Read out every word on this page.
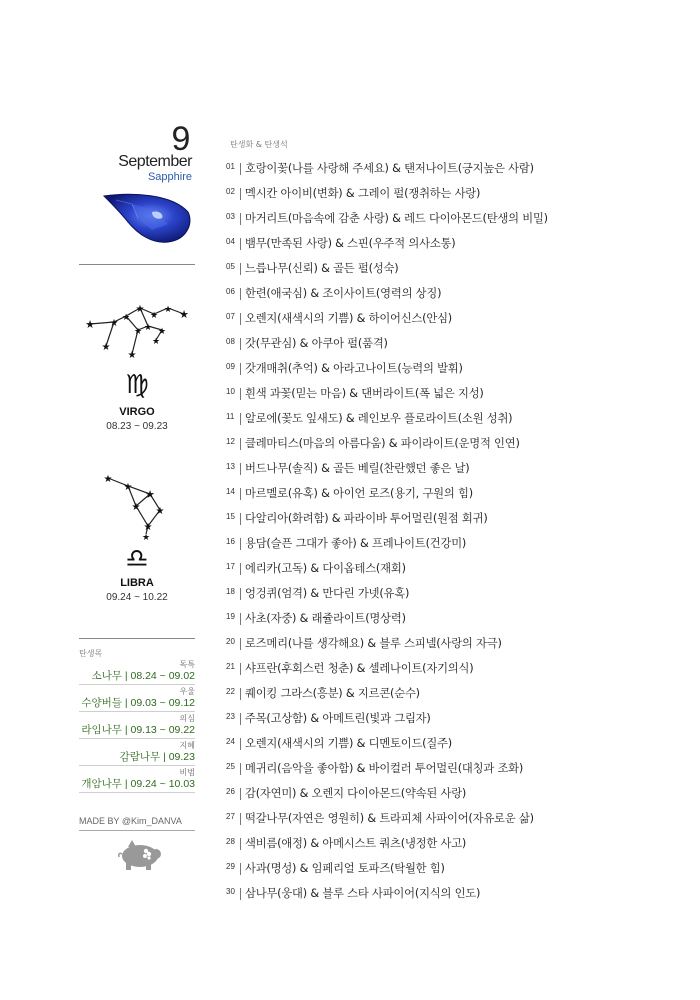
9
September
Sapphire
★ ★ ★
★
★
★ ★
★
★
★
★ ★
★
♍
VIRGO
08.23 ~ 09.23
★
★
★
★
★
★
★
♎
LIBRA
09.24 ~ 10.22
탄생목
독특
소나무 | 08.24 ~ 09.02
우울
수양버들 | 09.03 ~ 09.12
의심
라임나무 | 09.13 ~ 09.22
지혜
감람나무 | 09.23
비범
개암나무 | 09.24 ~ 10.03
MADE BY @Kim_DANVA
탄생화 & 탄생석
01 호랑이꽃(나를 사랑해 주세요) & 탠저나이트(긍지높은 사람)
02 멕시칸 아이비(변화) & 그레이 펄(쟁취하는 사랑)
03 마거리트(마음속에 감춘 사랑) & 레드 다이아몬드(탄생의 비밀)
04 뱀무(만족된 사랑) & 스핀(우주적 의사소통)
05 느릅나무(신뢰) & 골든 펄(성숙)
06 한련(애국심) & 조이사이트(영력의 상징)
07 오렌지(새색시의 기쁨) & 하이어신스(안심)
08 갓(무관심) & 아쿠아 펄(품격)
09 갓개매취(추억) & 아라고나이트(능력의 발휘)
10 흰색 과꽃(믿는 마음) & 댄버라이트(폭 넓은 지성)
11 알로에(꽃도 잎새도) & 레인보우 플로라이트(소원 성취)
12 클레마티스(마음의 아름다움) & 파이라이트(운명적 인연)
13 버드나무(솔직) & 골든 베릴(찬란했던 좋은 날)
14 마르멜로(유혹) & 아이언 로즈(용기, 구원의 힘)
15 다알리아(화려함) & 파라이바 투어멀린(원점 회귀)
16 용담(슬픈 그대가 좋아) & 프레나이트(건강미)
17 에리카(고독) & 다이옵테스(재회)
18 엉겅퀴(엄격) & 만다린 가넷(유혹)
19 사초(자중) & 래쥴라이트(명상력)
20 로즈메리(나를 생각해요) & 블루 스피넬(사랑의 자극)
21 샤프란(후회스런 청춘) & 셀레나이트(자기의식)
22 퀘이킹 그라스(흥분) & 지르콘(순수)
23 주목(고상함) & 아메트린(빛과 그림자)
24 오렌지(새색시의 기쁨) & 디멘토이드(질주)
25 메귀리(음악을 좋아함) & 바이컬러 투어멀린(대칭과 조화)
26 감(자연미) & 오렌지 다이아몬드(약속된 사랑)
27 떡갈나무(자연은 영원히) & 트라피체 사파이어(자유로운 삶)
28 색비름(애정) & 아메시스트 쿼츠(냉정한 사고)
29 사과(명성) & 임페리얼 토파즈(탁월한 힘)
30 삼나무(웅대) & 블루 스타 사파이어(지식의 인도)
